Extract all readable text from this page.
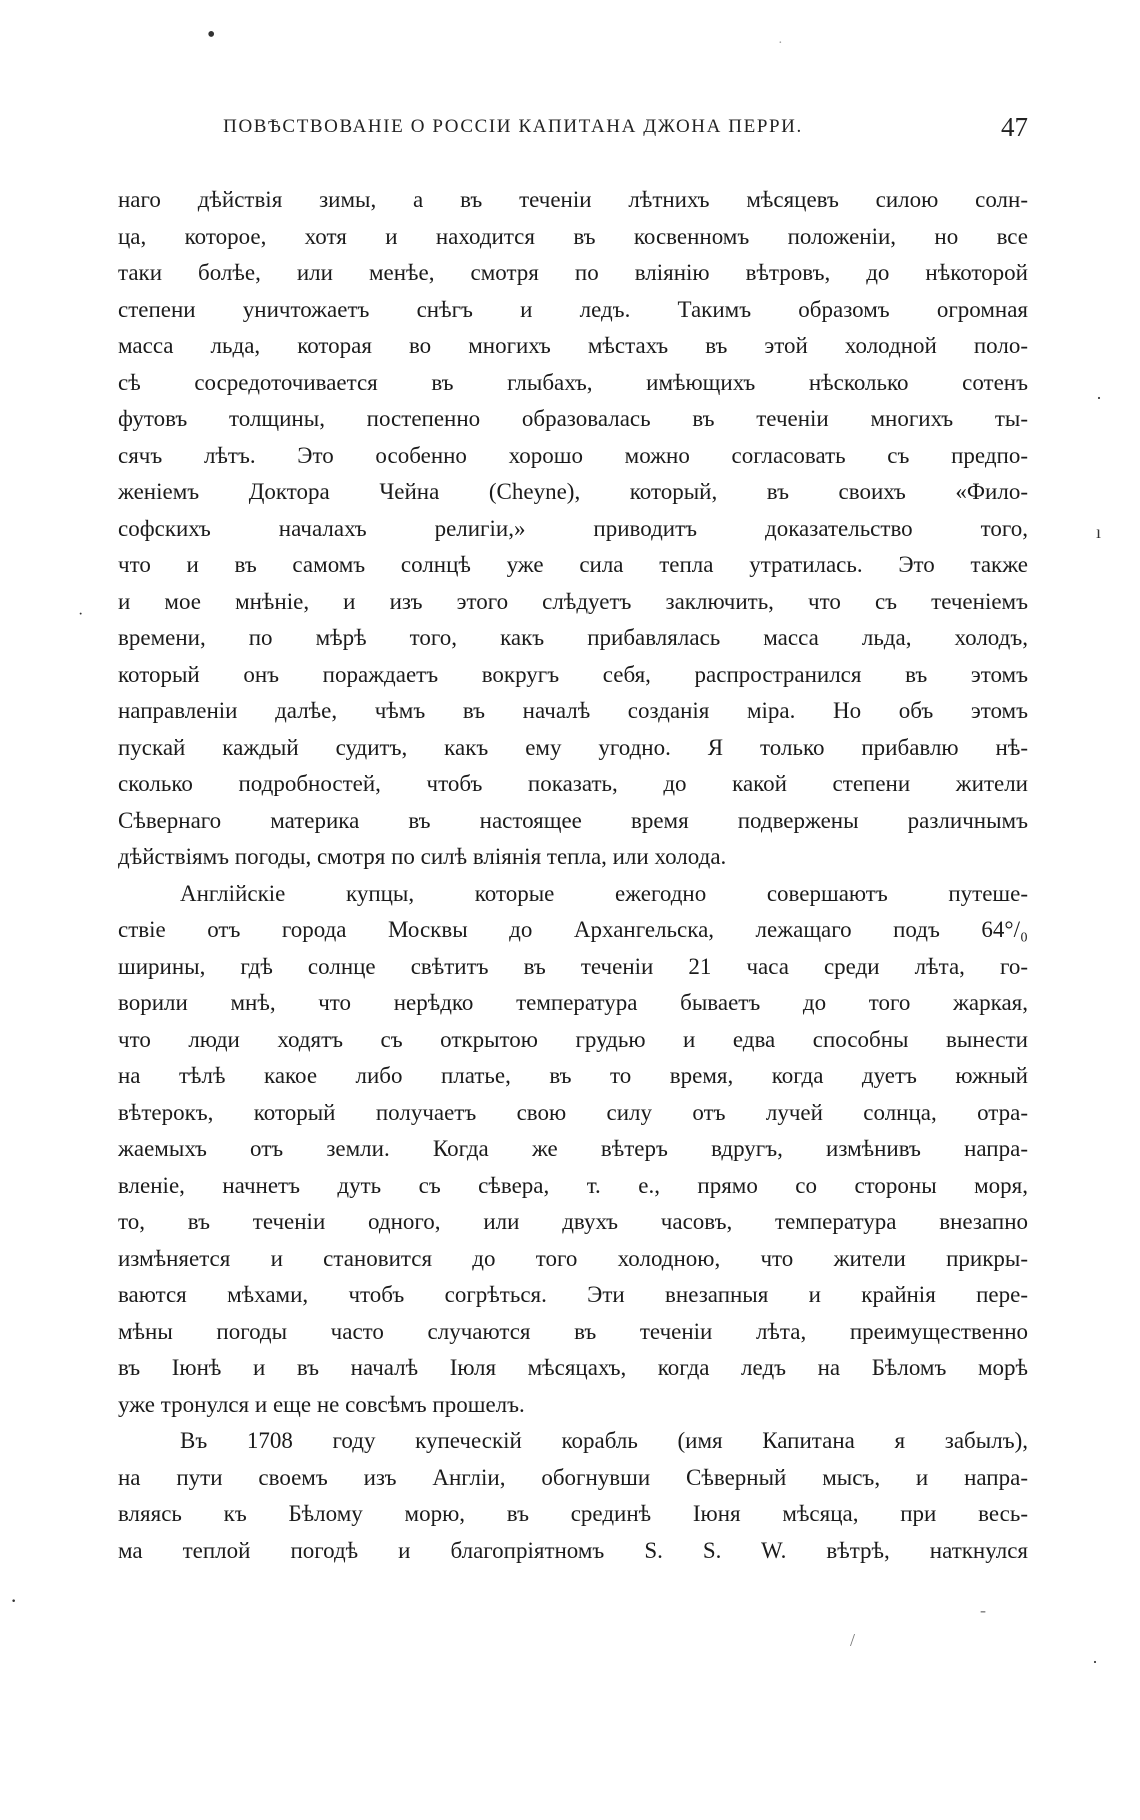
•	·
·
ı
·
·	-
/
·
ПОВѢСТВОВАНІЕ О РОССІИ КАПИТАНА ДЖОНА ПЕРРИ.	47
наго дѣйствія зимы, а въ теченіи лѣтнихъ мѣсяцевъ силою солн-
ца, которое, хотя и находится въ косвенномъ положеніи, но все
таки болѣе, или менѣе, смотря по вліянію вѣтровъ, до нѣкоторой
степени уничтожаетъ снѣгъ и ледъ. Такимъ образомъ огромная
масса льда, которая во многихъ мѣстахъ въ этой холодной поло-
сѣ сосредоточивается въ глыбахъ, имѣющихъ нѣсколько сотенъ
футовъ толщины, постепенно образовалась въ теченіи многихъ ты-
сячъ лѣтъ. Это особенно хорошо можно согласовать съ предпо-
женіемъ Доктора Чейна (Cheyne), который, въ своихъ «Фило-
софскихъ началахъ религіи,» приводитъ доказательство того,
что и въ самомъ солнцѣ уже сила тепла утратилась. Это также
и мое мнѣніе, и изъ этого слѣдуетъ заключить, что съ теченіемъ
времени, по мѣрѣ того, какъ прибавлялась масса льда, холодъ,
который онъ пораждаетъ вокругъ себя, распространился въ этомъ
направленіи далѣе, чѣмъ въ началѣ созданія міра. Но объ этомъ
пускай каждый судитъ, какъ ему угодно. Я только прибавлю нѣ-
сколько подробностей, чтобъ показать, до какой степени жители
Сѣвернаго материка въ настоящее время подвержены различнымъ
дѣйствіямъ погоды, смотря по силѣ вліянія тепла, или холода.
Англійскіе купцы, которые ежегодно совершаютъ путеше-
ствіе отъ города Москвы до Архангельска, лежащаго подъ 64°/₀
ширины, гдѣ солнце свѣтитъ въ теченіи 21 часа среди лѣта, го-
ворили мнѣ, что нерѣдко температура бываетъ до того жаркая,
что люди ходятъ съ открытою грудью и едва способны вынести
на тѣлѣ какое либо платье, въ то время, когда дуетъ южный
вѣтерокъ, который получаетъ свою силу отъ лучей солнца, отра-
жаемыхъ отъ земли. Когда же вѣтеръ вдругъ, измѣнивъ напра-
вленіе, начнетъ дуть съ сѣвера, т. е., прямо со стороны моря,
то, въ теченіи одного, или двухъ часовъ, температура внезапно
измѣняется и становится до того холодною, что жители прикры-
ваются мѣхами, чтобъ согрѣться. Эти внезапныя и крайнія пере-
мѣны погоды часто случаются въ теченіи лѣта, преимущественно
въ Іюнѣ и въ началѣ Іюля мѣсяцахъ, когда ледъ на Бѣломъ морѣ
уже тронулся и еще не совсѣмъ прошелъ.
Въ 1708 году купеческій корабль (имя Капитана я забылъ),
на пути своемъ изъ Англіи, обогнувши Сѣверный мысъ, и напра-
вляясь къ Бѣлому морю, въ срединѣ Іюня мѣсяца, при весь-
ма теплой погодѣ и благопріятномъ S. S. W. вѣтрѣ, наткнулся
